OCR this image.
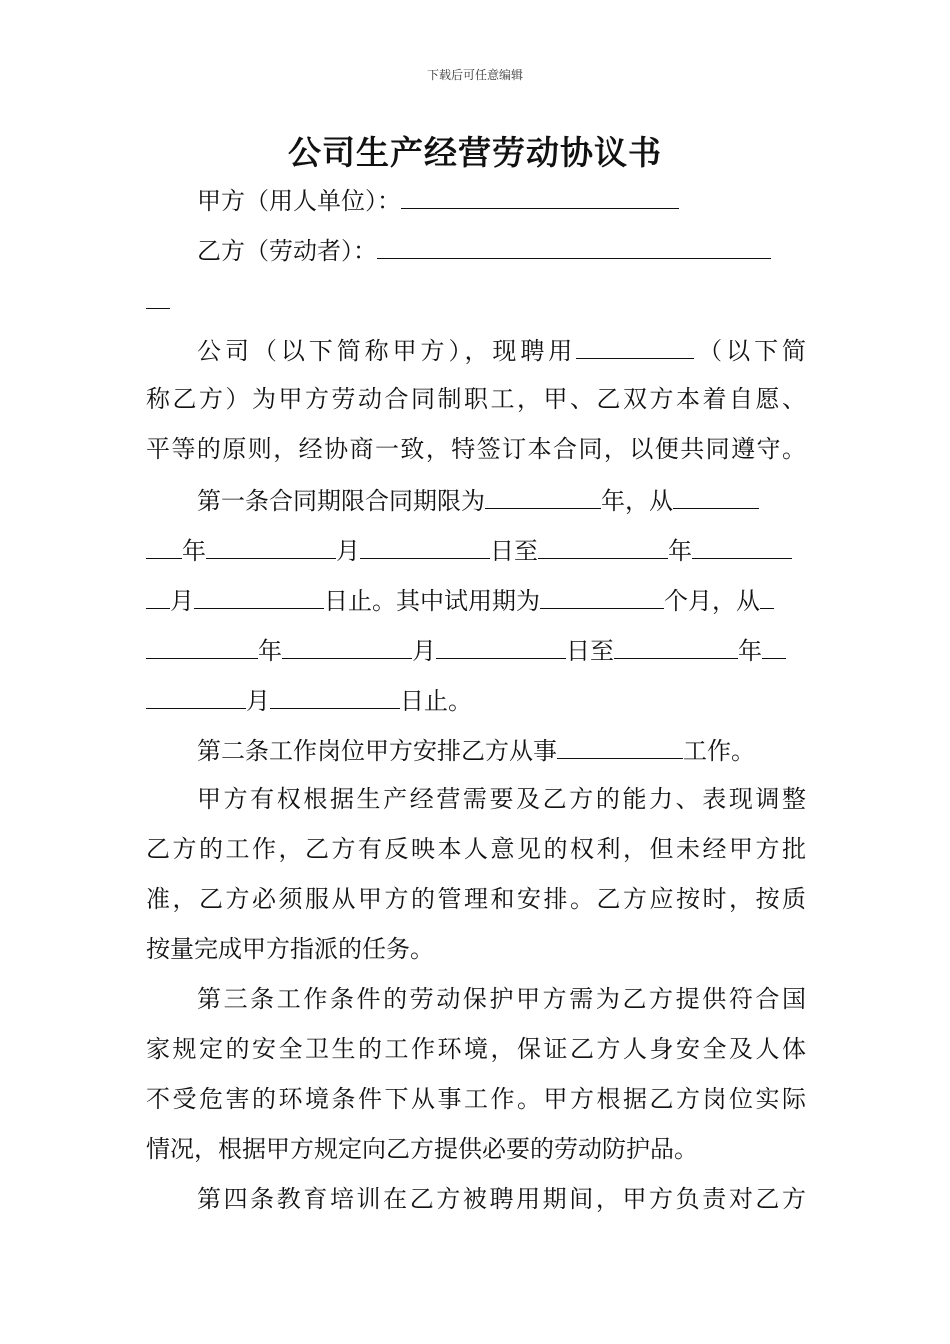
下载后可任意编辑
公司生产经营劳动协议书
甲方（用人单位）：
乙方（劳动者）：
公司（以下简称甲方），现聘用	（以下简
称乙方）为甲方劳动合同制职工，甲、乙双方本着自愿、
平等的原则，经协商一致，特签订本合同，以便共同遵守。
第一条合同期限合同期限为	年，从
年	月	日至	年
月	日止。其中试用期为	个月，从
年	月	日至	年
月	日止。
第二条工作岗位甲方安排乙方从事	工作。
甲方有权根据生产经营需要及乙方的能力、表现调整
乙方的工作，乙方有反映本人意见的权利，但未经甲方批
准，乙方必须服从甲方的管理和安排。乙方应按时，按质
按量完成甲方指派的任务。
第三条工作条件的劳动保护甲方需为乙方提供符合国
家规定的安全卫生的工作环境，保证乙方人身安全及人体
不受危害的环境条件下从事工作。甲方根据乙方岗位实际
情况，根据甲方规定向乙方提供必要的劳动防护品。
第四条教育培训在乙方被聘用期间，甲方负责对乙方
